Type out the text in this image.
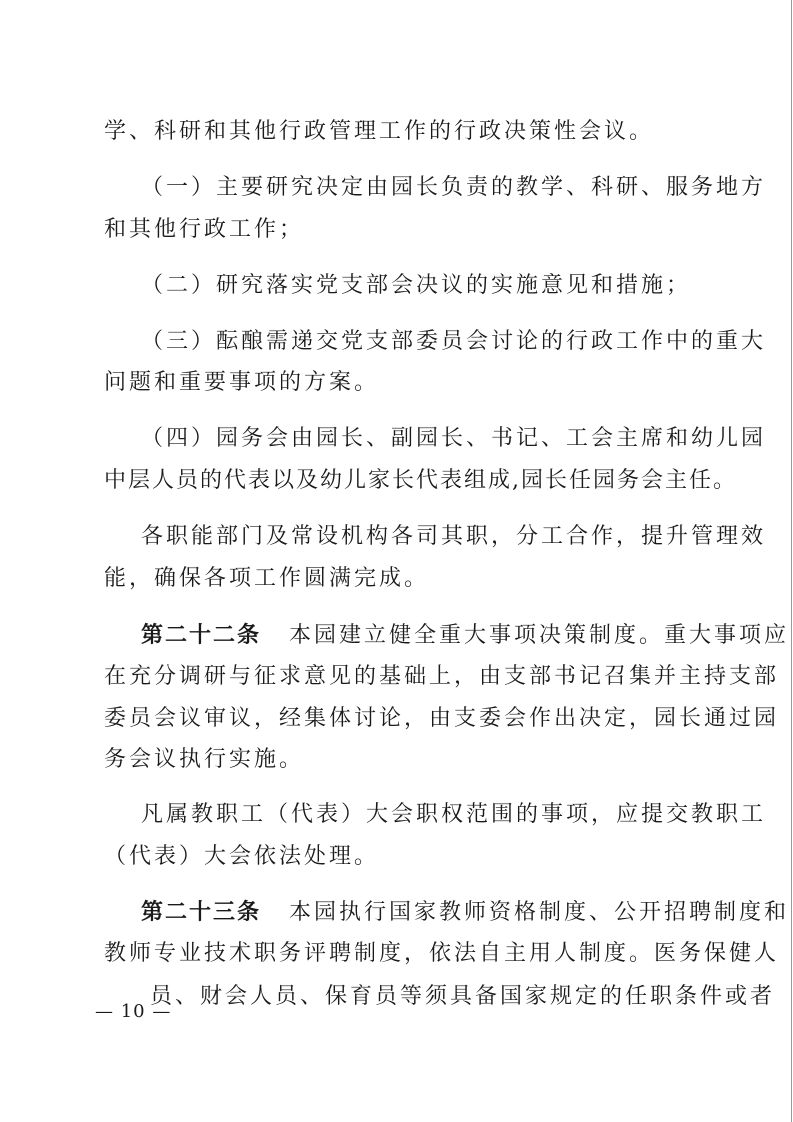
学、科研和其他行政管理工作的行政决策性会议。
（一）主要研究决定由园长负责的教学、科研、服务地方
和其他行政工作；
（二）研究落实党支部会决议的实施意见和措施；
（三）酝酿需递交党支部委员会讨论的行政工作中的重大
问题和重要事项的方案。
（四）园务会由园长、副园长、书记、工会主席和幼儿园
中层人员的代表以及幼儿家长代表组成,园长任园务会主任。
各职能部门及常设机构各司其职，分工合作，提升管理效
能，确保各项工作圆满完成。
第二十二条 本园建立健全重大事项决策制度。重大事项应
在充分调研与征求意见的基础上，由支部书记召集并主持支部
委员会议审议，经集体讨论，由支委会作出决定，园长通过园
务会议执行实施。
凡属教职工（代表）大会职权范围的事项，应提交教职工
（代表）大会依法处理。
第二十三条 本园执行国家教师资格制度、公开招聘制度和
教师专业技术职务评聘制度，依法自主用人制度。医务保健人
员、财会人员、保育员等须具备国家规定的任职条件或者
— 10 —
